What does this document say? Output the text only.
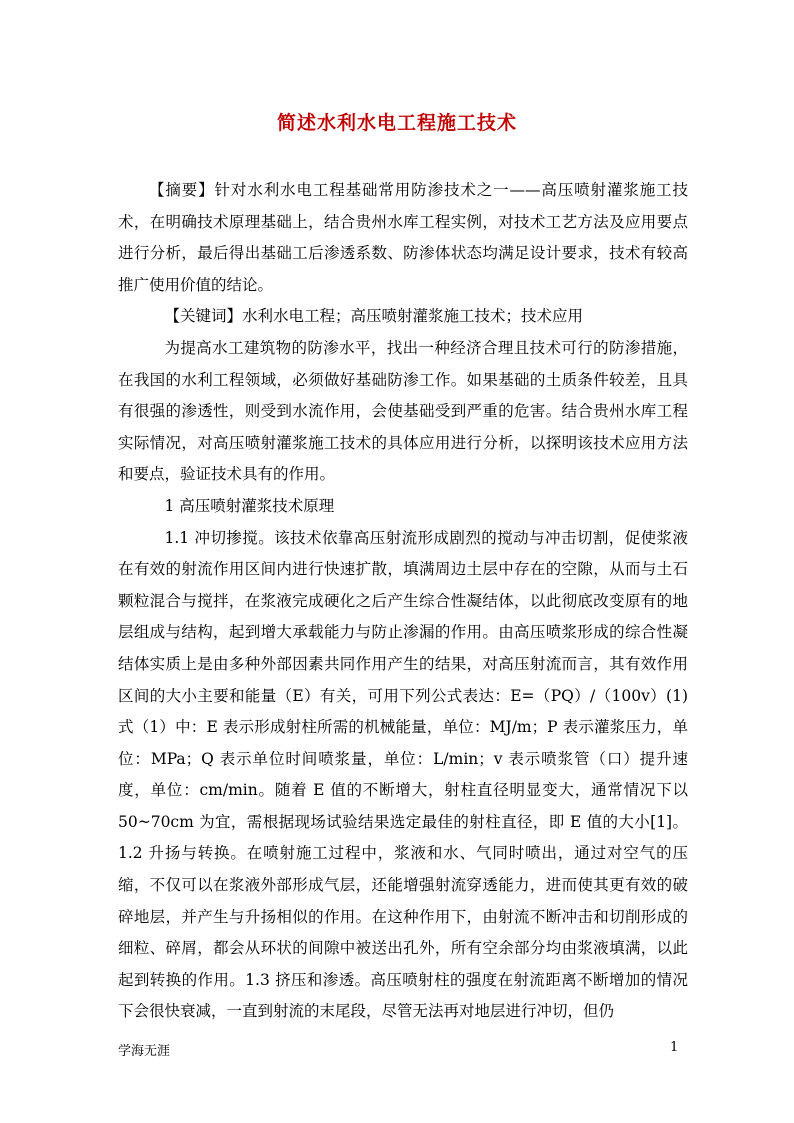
简述水利水电工程施工技术

【摘要】针对水利水电工程基础常用防渗技术之一——高压喷射灌浆施工技术，在明确技术原理基础上，结合贵州水库工程实例，对技术工艺方法及应用要点进行分析，最后得出基础工后渗透系数、防渗体状态均满足设计要求，技术有较高推广使用价值的结论。

【关键词】水利水电工程；高压喷射灌浆施工技术；技术应用

为提高水工建筑物的防渗水平，找出一种经济合理且技术可行的防渗措施，在我国的水利工程领域，必须做好基础防渗工作。如果基础的土质条件较差，且具有很强的渗透性，则受到水流作用，会使基础受到严重的危害。结合贵州水库工程实际情况，对高压喷射灌浆施工技术的具体应用进行分析，以探明该技术应用方法和要点，验证技术具有的作用。

1 高压喷射灌浆技术原理

1.1 冲切掺搅。该技术依靠高压射流形成剧烈的搅动与冲击切割，促使浆液在有效的射流作用区间内进行快速扩散，填满周边土层中存在的空隙，从而与土石颗粒混合与搅拌，在浆液完成硬化之后产生综合性凝结体，以此彻底改变原有的地层组成与结构，起到增大承载能力与防止渗漏的作用。由高压喷浆形成的综合性凝结体实质上是由多种外部因素共同作用产生的结果，对高压射流而言，其有效作用区间的大小主要和能量（E）有关，可用下列公式表达：E=（PQ）/（100v）(1) 式（1）中：E 表示形成射柱所需的机械能量，单位：MJ/m；P 表示灌浆压力，单位：MPa；Q 表示单位时间喷浆量，单位：L/min；v 表示喷浆管（口）提升速度，单位：cm/min。随着 E 值的不断增大，射柱直径明显变大，通常情况下以 50~70cm 为宜，需根据现场试验结果选定最佳的射柱直径，即 E 值的大小[1]。1.2 升扬与转换。在喷射施工过程中，浆液和水、气同时喷出，通过对空气的压缩，不仅可以在浆液外部形成气层，还能增强射流穿透能力，进而使其更有效的破碎地层，并产生与升扬相似的作用。在这种作用下，由射流不断冲击和切削形成的细粒、碎屑，都会从环状的间隙中被送出孔外，所有空余部分均由浆液填满，以此起到转换的作用。1.3 挤压和渗透。高压喷射柱的强度在射流距离不断增加的情况下会很快衰减，一直到射流的末尾段，尽管无法再对地层进行冲切，但仍

学海无涯	1
